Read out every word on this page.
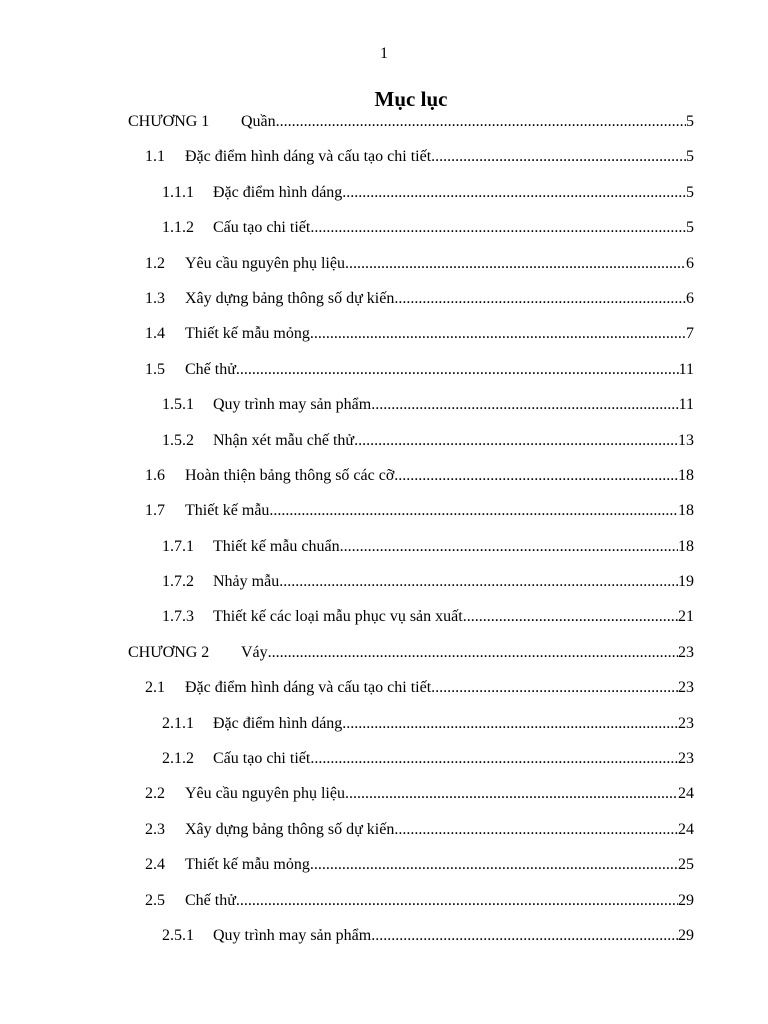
1
Mục lục
CHƯƠNG 1	Quần .....	5
1.1	Đặc điểm hình dáng và cấu tạo chi tiết .....	5
1.1.1	Đặc điểm hình dáng .....	5
1.1.2	Cấu tạo chi tiết .....	5
1.2	Yêu cầu nguyên phụ liệu .....	6
1.3	Xây dựng bảng thông số dự kiến .....	6
1.4	Thiết kế mẫu mỏng .....	7
1.5	Chế thử .....	11
1.5.1	Quy trình may sản phẩm .....	11
1.5.2	Nhận xét mẫu chế thử .....	13
1.6	Hoàn thiện bảng thông số các cỡ .....	18
1.7	Thiết kế mẫu .....	18
1.7.1	Thiết kế mẫu chuẩn .....	18
1.7.2	Nhảy mẫu .....	19
1.7.3	Thiết kế các loại mẫu phục vụ sản xuất .....	21
CHƯƠNG 2	Váy .....	23
2.1	Đặc điểm hình dáng và cấu tạo chi tiết .....	23
2.1.1	Đặc điểm hình dáng .....	23
2.1.2	Cấu tạo chi tiết .....	23
2.2	Yêu cầu nguyên phụ liệu .....	24
2.3	Xây dựng bảng thông số dự kiến .....	24
2.4	Thiết kế mẫu mỏng .....	25
2.5	Chế thử .....	29
2.5.1	Quy trình may sản phẩm .....	29
